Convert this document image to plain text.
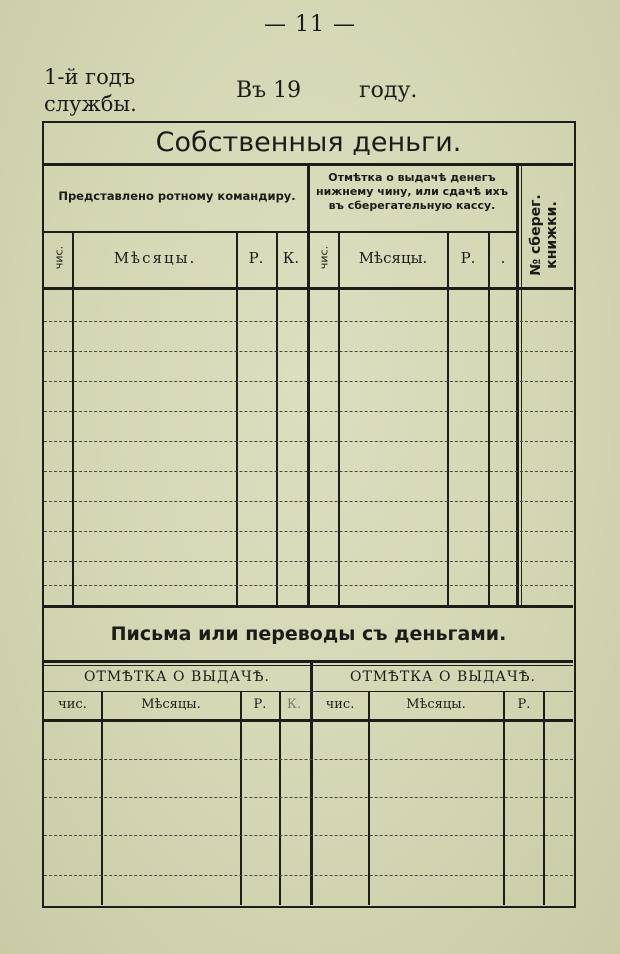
— 11 —
1-й годъ службы.
Въ 19	году.
Собственныя деньги.
Представлено ротному командиру.
Отмѣтка о выдачѣ денегъ нижнему чину, или сдачѣ ихъ въ сберегательную кассу.	№ сберег. книжки.
чис.	Мѣсяцы.	Р.	К.	чис.	Мѣсяцы.	Р.	.
Письма или переводы съ деньгами.
ОТМѢТКА О ВЫДАЧѢ.	ОТМѢТКА О ВЫДАЧѢ.
чис.	Мѣсяцы.	Р.	К.	чис.	Мѣсяцы.	Р.
